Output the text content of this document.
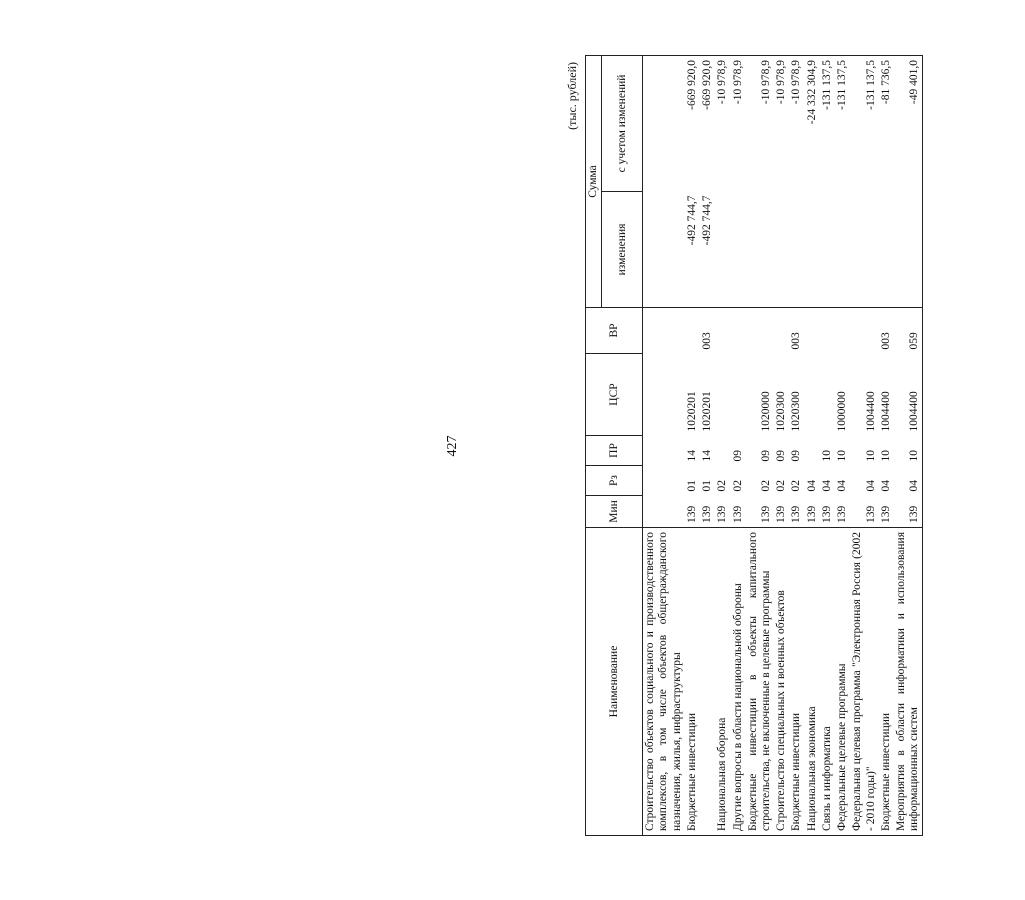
427
(тыс. рублей)
Наименование	Мин	Рз	ПР	ЦСР	ВР	Сумма	
						изменения	с учетом изменений
Строительство объектов социального и производственного комплексов, в том числе объектов общегражданского назначения, жилья, инфраструктуры							
Бюджетные инвестиции	139	01	14	1020201		-492 744,7	-669 920,0
	139	01	14	1020201	003	-492 744,7	-669 920,0
Национальная оборона	139	02					-10 978,9
Другие вопросы в области национальной обороны	139	02	09				-10 978,9
Бюджетные инвестиции в объекты капитального строительства, не включенные в целевые программы	139	02	09	1020000			-10 978,9
Строительство специальных и военных объектов	139	02	09	1020300			-10 978,9
Бюджетные инвестиции	139	02	09	1020300	003		-10 978,9
Национальная экономика	139	04					-24 332 304,9
Связь и информатика	139	04	10				-131 137,5
Федеральные целевые программы	139	04	10	1000000			-131 137,5
Федеральная целевая программа "Электронная Россия (2002 - 2010 годы)"	139	04	10	1004400			-131 137,5
Бюджетные инвестиции	139	04	10	1004400	003		-81 736,5
Мероприятия в области информатики и использования информационных систем	139	04	10	1004400	059		-49 401,0
